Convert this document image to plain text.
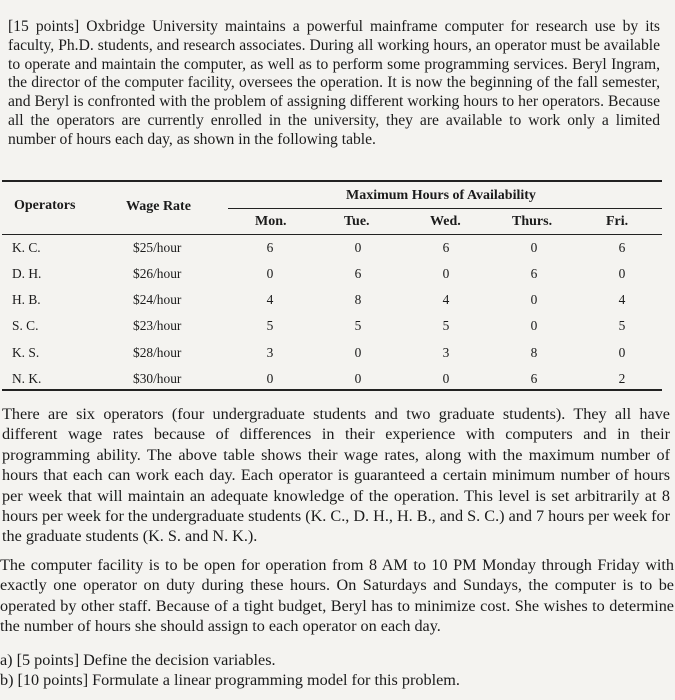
[15 points] Oxbridge University maintains a powerful mainframe computer for research use by its faculty, Ph.D. students, and research associates. During all working hours, an operator must be available to operate and maintain the computer, as well as to perform some programming services. Beryl Ingram, the director of the computer facility, oversees the operation. It is now the beginning of the fall semester, and Beryl is confronted with the problem of assigning different working hours to her operators. Because all the operators are currently enrolled in the university, they are available to work only a limited number of hours each day, as shown in the following table.

Operators	Wage Rate
Maximum Hours of Availability
Mon.	Tue.	Wed.	Thurs.	Fri.
K. C.	$25/hour	6	0	6	0	6
D. H.	$26/hour	0	6	0	6	0
H. B.	$24/hour	4	8	4	0	4
S. C.	$23/hour	5	5	5	0	5
K. S.	$28/hour	3	0	3	8	0
N. K.	$30/hour	0	0	0	6	2

There are six operators (four undergraduate students and two graduate students). They all have different wage rates because of differences in their experience with computers and in their programming ability. The above table shows their wage rates, along with the maximum number of hours that each can work each day. Each operator is guaranteed a certain minimum number of hours per week that will maintain an adequate knowledge of the operation. This level is set arbitrarily at 8 hours per week for the undergraduate students (K. C., D. H., H. B., and S. C.) and 7 hours per week for the graduate students (K. S. and N. K.).

The computer facility is to be open for operation from 8 AM to 10 PM Monday through Friday with exactly one operator on duty during these hours. On Saturdays and Sundays, the computer is to be operated by other staff. Because of a tight budget, Beryl has to minimize cost. She wishes to determine the number of hours she should assign to each operator on each day.

a) [5 points] Define the decision variables.

b) [10 points] Formulate a linear programming model for this problem.
